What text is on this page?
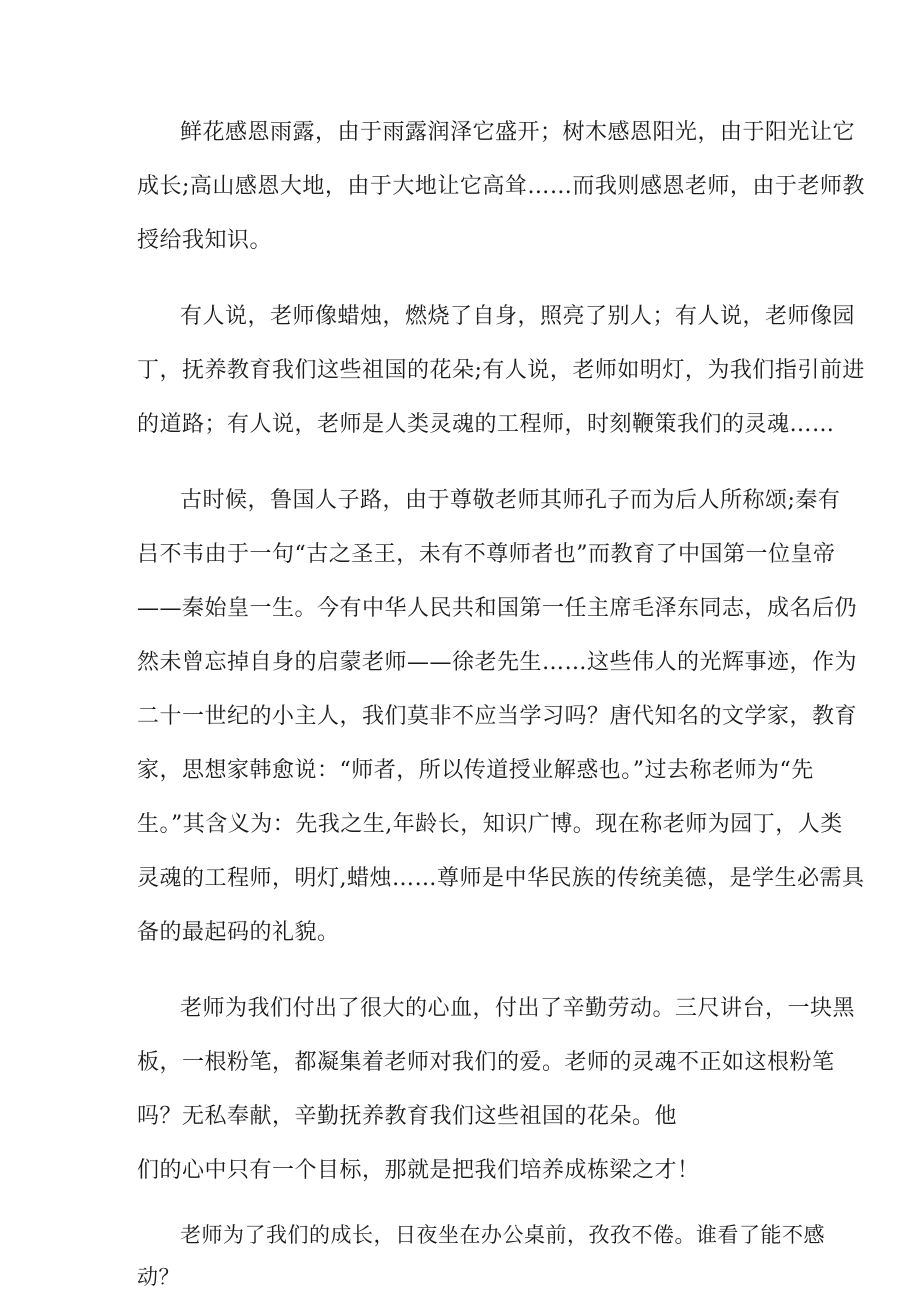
鲜花感恩雨露，由于雨露润泽它盛开；树木感恩阳光，由于阳光让它
成长;高山感恩大地，由于大地让它高耸……而我则感恩老师，由于老师教
授给我知识。
有人说，老师像蜡烛，燃烧了自身，照亮了别人；有人说，老师像园
丁，抚养教育我们这些祖国的花朵;有人说，老师如明灯，为我们指引前进
的道路；有人说，老师是人类灵魂的工程师，时刻鞭策我们的灵魂……
古时候，鲁国人子路，由于尊敬老师其师孔子而为后人所称颂;秦有
吕不韦由于一句“古之圣王，未有不尊师者也”而教育了中国第一位皇帝
——秦始皇一生。今有中华人民共和国第一任主席毛泽东同志，成名后仍
然未曾忘掉自身的启蒙老师——徐老先生……这些伟人的光辉事迹，作为
二十一世纪的小主人，我们莫非不应当学习吗？唐代知名的文学家，教育
家，思想家韩愈说：“师者，所以传道授业解惑也。”过去称老师为“先
生。”其含义为：先我之生,年龄长，知识广博。现在称老师为园丁，人类
灵魂的工程师，明灯,蜡烛……尊师是中华民族的传统美德，是学生必需具
备的最起码的礼貌。
老师为我们付出了很大的心血，付出了辛勤劳动。三尺讲台，一块黑
板，一根粉笔，都凝集着老师对我们的爱。老师的灵魂不正如这根粉笔
吗？无私奉献，辛勤抚养教育我们这些祖国的花朵。他
们的心中只有一个目标，那就是把我们培养成栋梁之才！
老师为了我们的成长，日夜坐在办公桌前，孜孜不倦。谁看了能不感
动？
